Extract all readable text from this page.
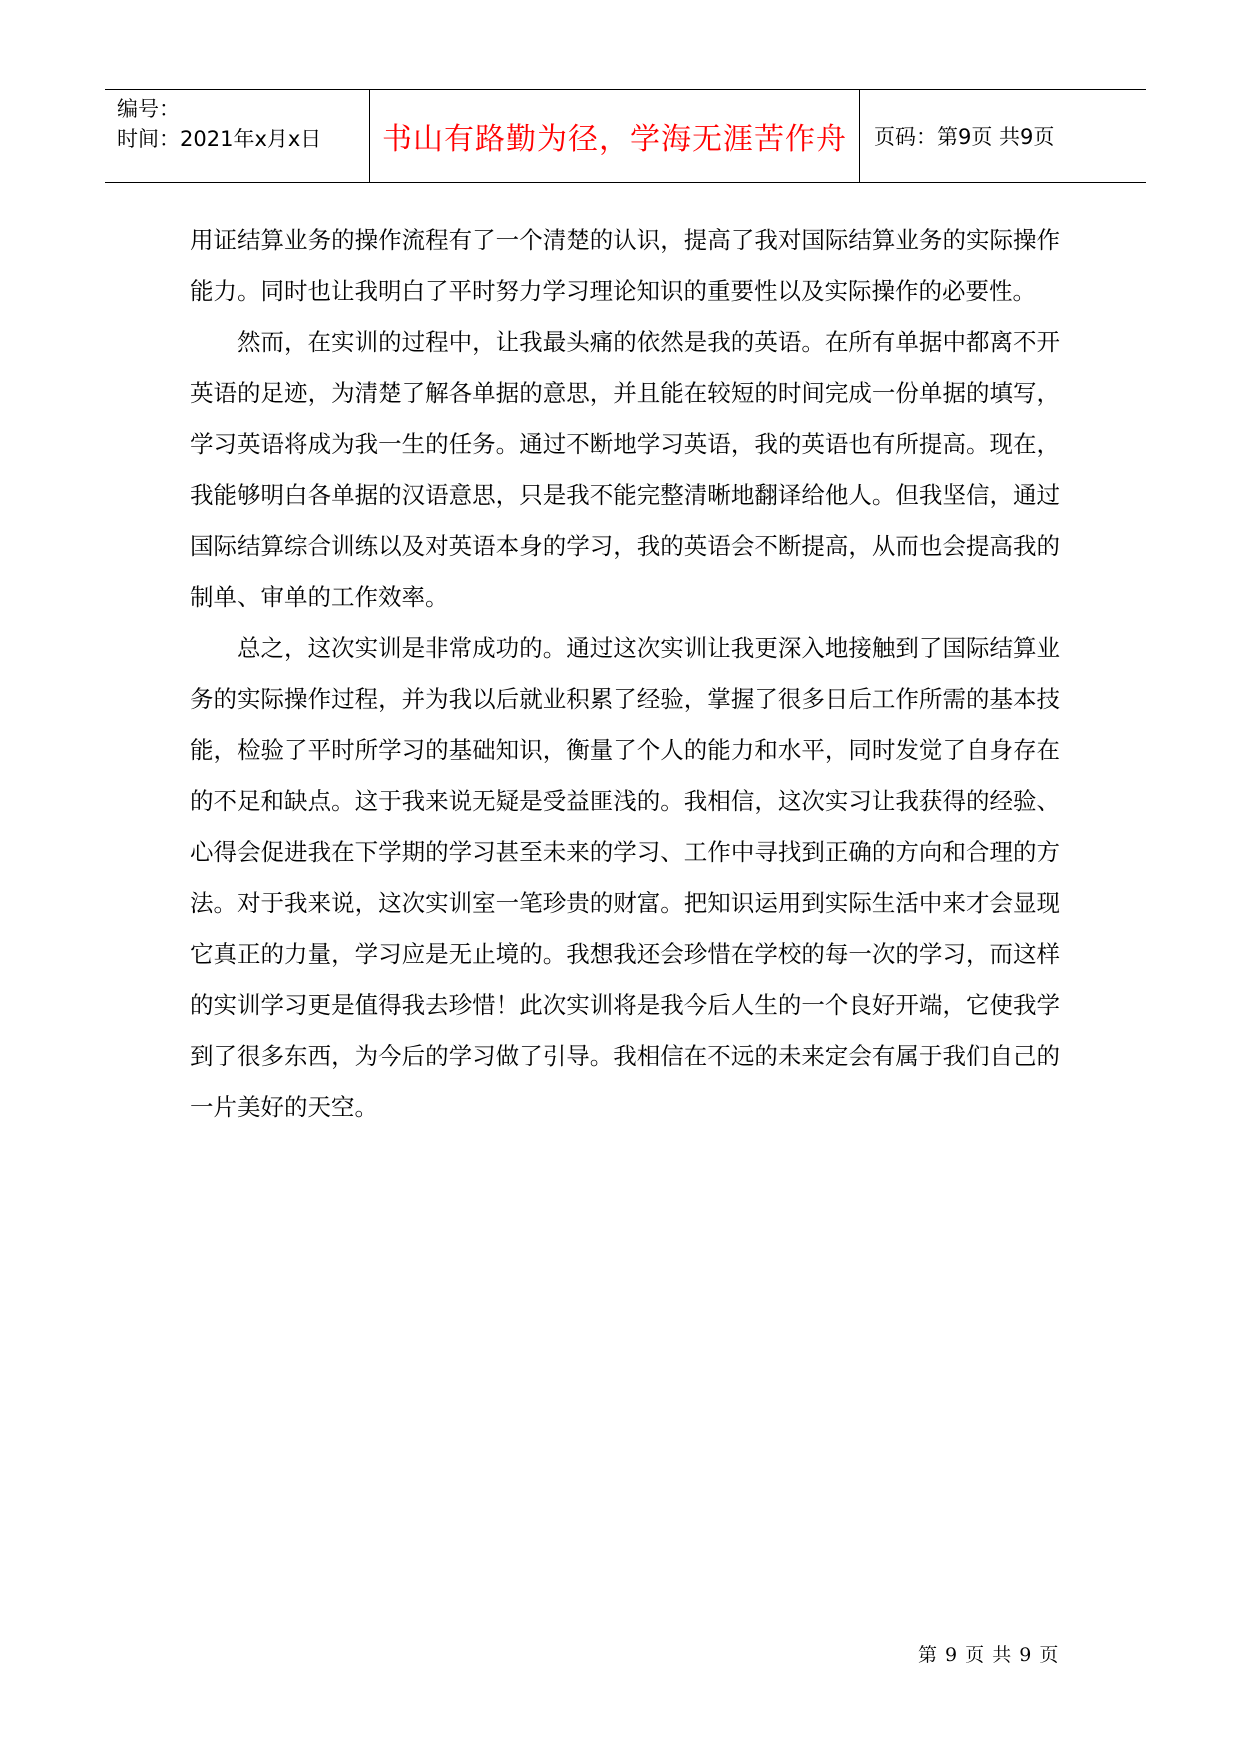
编号：
时间：2021年x月x日	书山有路勤为径，学海无涯苦作舟	页码：第9页 共9页

用证结算业务的操作流程有了一个清楚的认识，提高了我对国际结算业务的实际操作能力。同时也让我明白了平时努力学习理论知识的重要性以及实际操作的必要性。

然而，在实训的过程中，让我最头痛的依然是我的英语。在所有单据中都离不开英语的足迹，为清楚了解各单据的意思，并且能在较短的时间完成一份单据的填写，学习英语将成为我一生的任务。通过不断地学习英语，我的英语也有所提高。现在，我能够明白各单据的汉语意思，只是我不能完整清晰地翻译给他人。但我坚信，通过国际结算综合训练以及对英语本身的学习，我的英语会不断提高，从而也会提高我的制单、审单的工作效率。

总之，这次实训是非常成功的。通过这次实训让我更深入地接触到了国际结算业务的实际操作过程，并为我以后就业积累了经验，掌握了很多日后工作所需的基本技能，检验了平时所学习的基础知识，衡量了个人的能力和水平，同时发觉了自身存在的不足和缺点。这于我来说无疑是受益匪浅的。我相信，这次实习让我获得的经验、心得会促进我在下学期的学习甚至未来的学习、工作中寻找到正确的方向和合理的方法。对于我来说，这次实训室一笔珍贵的财富。把知识运用到实际生活中来才会显现它真正的力量，学习应是无止境的。我想我还会珍惜在学校的每一次的学习，而这样的实训学习更是值得我去珍惜！此次实训将是我今后人生的一个良好开端，它使我学到了很多东西，为今后的学习做了引导。我相信在不远的未来定会有属于我们自己的一片美好的天空。

第 9 页 共 9 页
